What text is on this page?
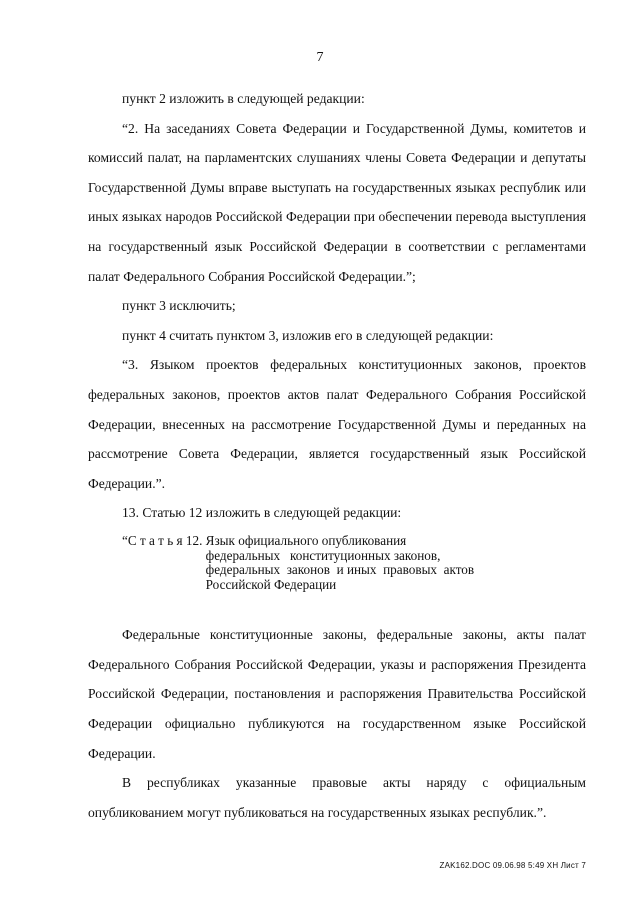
7

пункт 2 изложить в следующей редакции:

“2. На заседаниях Совета Федерации и Государственной Думы, комитетов и комиссий палат, на парламентских слушаниях члены Совета Федерации и депутаты Государственной Думы вправе выступать на государственных языках республик или иных языках народов Российской Федерации при обеспечении перевода выступления на государственный язык Российской Федерации в соответствии с регламентами палат Федерального Собрания Российской Федерации.”;

пункт 3 исключить;

пункт 4 считать пунктом 3, изложив его в следующей редакции:

“3. Языком проектов федеральных конституционных законов, проектов федеральных законов, проектов актов палат Федерального Собрания Российской Федерации, внесенных на рассмотрение Государственной Думы и переданных на рассмотрение Совета Федерации, является государственный язык Российской Федерации.”.

13. Статью 12 изложить в следующей редакции:

“С т а т ь я 12. Язык официального опубликования
федеральных   конституционных законов,
федеральных  законов  и иных  правовых  актов
Российской Федерации

Федеральные конституционные законы, федеральные законы, акты палат Федерального Собрания Российской Федерации, указы и распоряжения Президента Российской Федерации, постановления и распоряжения Правительства Российской Федерации официально публикуются на государственном языке Российской Федерации.

В республиках указанные правовые акты наряду с официальным опубликованием могут публиковаться на государственных языках республик.”.

ZAK162.DOC 09.06.98 5:49 ХН Лист 7
